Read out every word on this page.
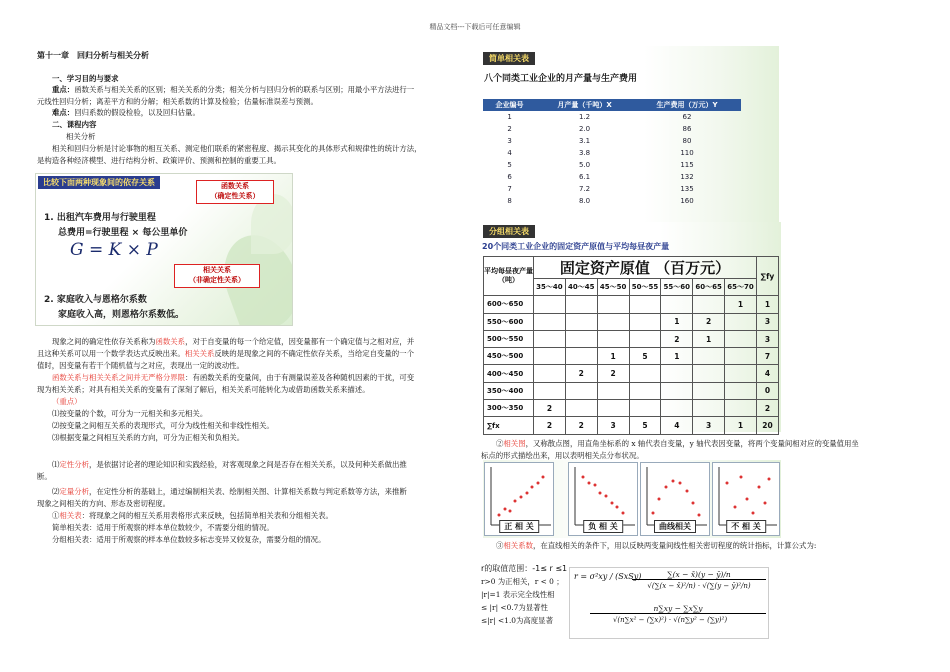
精品文档---下载后可任意编辑
第十一章　回归分析与相关分析
一、学习目的与要求
重点：函数关系与相关关系的区别；相关关系的分类；相关分析与回归分析的联系与区别；用最小平方法进行一
元线性回归分析；离差平方和的分解；相关系数的计算及检验；估量标准误差与预测。
难点：回归系数的假设检验，以及回归估量。
二、课程内容
相关分析
相关和回归分析是讨论事物的相互关系、测定他们联系的紧密程度、揭示其变化的具体形式和规律性的统计方法，
是构造各种经济模型、进行结构分析、政策评价、预测和控制的重要工具。
比较下面两种现象间的依存关系	函数关系
（确定性关系）
1. 出租汽车费用与行驶里程
总费用=行驶里程 × 每公里单价
G = K × P
相关关系
（非确定性关系）
2. 家庭收入与恩格尔系数
家庭收入高，则恩格尔系数低。
现象之间的确定性依存关系称为函数关系，对于自变量的每一个给定值，因变量都有一个确定值与之相对应，并
且这种关系可以用一个数学表达式反映出来。相关关系反映的是现象之间的不确定性依存关系，当给定自变量的一个
值时，因变量有若干个随机值与之对应，表现出一定的波动性。
函数关系与相关关系之间并无严格分界限：有函数关系的变量间，由于有测量误差及各种随机因素的干扰，可变
现为相关关系；对具有相关关系的变量有了深刻了解后，相关关系可能转化为或借助函数关系来描述。
（重点）
⑴按变量的个数，可分为一元相关和多元相关。
⑵按变量之间相互关系的表现形式，可分为线性相关和非线性相关。
⑶根据变量之间相互关系的方向，可分为正相关和负相关。
⑴定性分析，是依据讨论者的理论知识和实践经验，对客观现象之间是否存在相关关系，以及何种关系做出推
断。
⑵定量分析，在定性分析的基础上，通过编制相关表、绘制相关图、计算相关系数与判定系数等方法，来推断
现象之间相关的方向、形态及密切程度。
①相关表：将现象之间的相互关系用表格形式来反映，包括简单相关表和分组相关表。
简单相关表：适用于所观察的样本单位数较少，不需要分组的情况。
分组相关表：适用于所观察的样本单位数较多标志变异又较复杂，需要分组的情况。
简单相关表
八个同类工业企业的月产量与生产费用
企业编号	月产量（千吨）X	生产费用（万元）Y
1	1.2	62
2	2.0	86
3	3.1	80
4	3.8	110
5	5.0	115
6	6.1	132
7	7.2	135
8	8.0	160
分组相关表
20个同类工业企业的固定资产原值与平均每昼夜产量
平均每昼夜产量（吨）	固定资产原值 （百万元）							∑fy
	35～40	40～45	45～50	50～55	55～60	60～65	65～70	
600～650							1	1
550～600					1	2		3
500～550					2	1		3
450～500			1	5	1			7
400～450		2	2					4
350～400								0
300～350	2							2
∑fx	2	2	3	5	4	3	1	20
②相关图，又称散点图，用直角坐标系的 x 轴代表自变量，y 轴代表因变量，将两个变量间相对应的变量值用坐
标点的形式描绘出来，用以表明相关点分布状况。
正 相 关	负 相 关	曲线相关	不 相 关
③相关系数，在直线相关的条件下，用以反映两变量间线性相关密切程度的统计指标，计算公式为:
r的取值范围：-1≤ r ≤1
r>0 为正相关，r < 0 ；
|r|=1 表示完全线性相
≤ |r| <0.7为显著性
≤|r| <1.0为高度显著
r = σ²xy / (SxSy)	∑(x − x̄)(y − ȳ)/n
√(∑(x − x̄)²/n) · √(∑(y − ȳ)²/n)
n∑xy − ∑x∑y
√(n∑x² − (∑x)²) · √(n∑y² − (∑y)²)
